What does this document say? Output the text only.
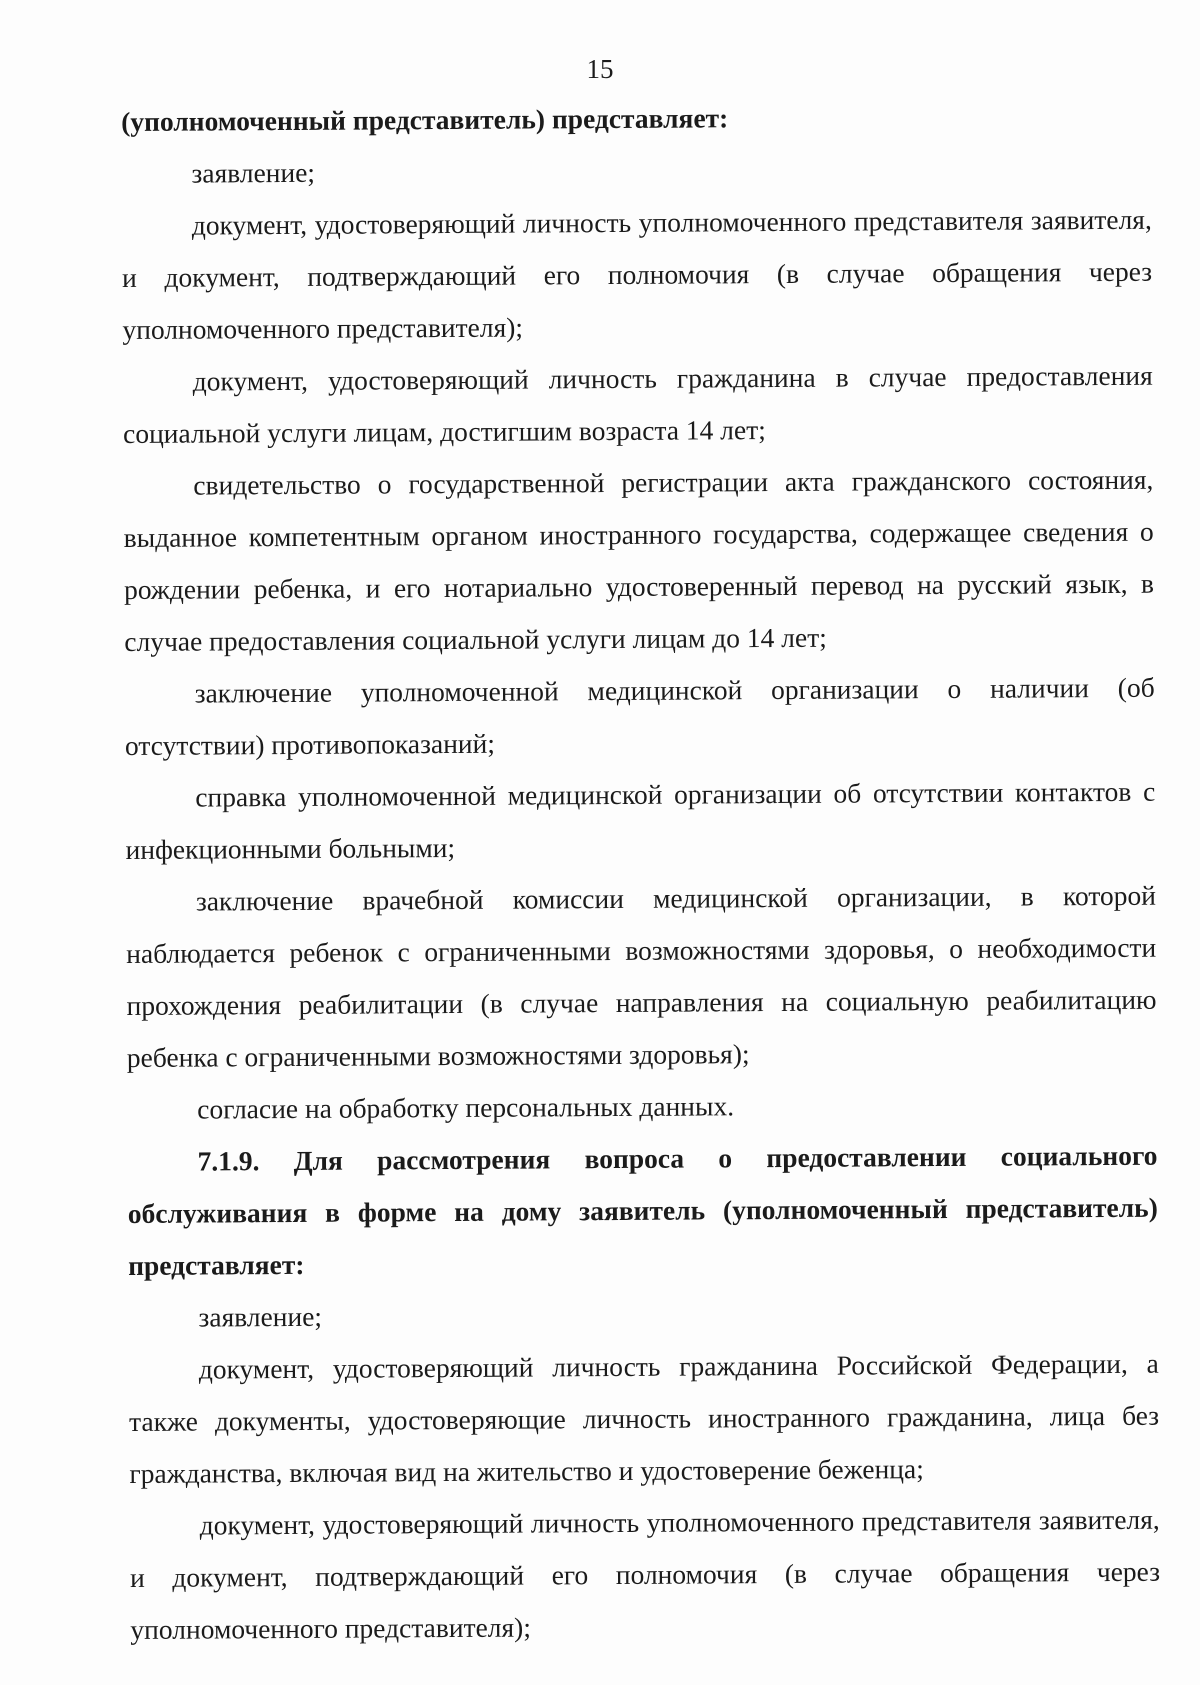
15

(уполномоченный представитель) представляет:

заявление;

документ, удостоверяющий личность уполномоченного представителя заявителя, и документ, подтверждающий его полномочия (в случае обращения через уполномоченного представителя);

документ, удостоверяющий личность гражданина в случае предоставления социальной услуги лицам, достигшим возраста 14 лет;

свидетельство о государственной регистрации акта гражданского состояния, выданное компетентным органом иностранного государства, содержащее сведения о рождении ребенка, и его нотариально удостоверенный перевод на русский язык, в случае предоставления социальной услуги лицам до 14 лет;

заключение уполномоченной медицинской организации о наличии (об отсутствии) противопоказаний;

справка уполномоченной медицинской организации об отсутствии контактов с инфекционными больными;

заключение врачебной комиссии медицинской организации, в которой наблюдается ребенок с ограниченными возможностями здоровья, о необходимости прохождения реабилитации (в случае направления на социальную реабилитацию ребенка с ограниченными возможностями здоровья);

согласие на обработку персональных данных.

7.1.9. Для рассмотрения вопроса о предоставлении социального обслуживания в форме на дому заявитель (уполномоченный представитель) представляет:

заявление;

документ, удостоверяющий личность гражданина Российской Федерации, а также документы, удостоверяющие личность иностранного гражданина, лица без гражданства, включая вид на жительство и удостоверение беженца;

документ, удостоверяющий личность уполномоченного представителя заявителя, и документ, подтверждающий его полномочия (в случае обращения через уполномоченного представителя);
